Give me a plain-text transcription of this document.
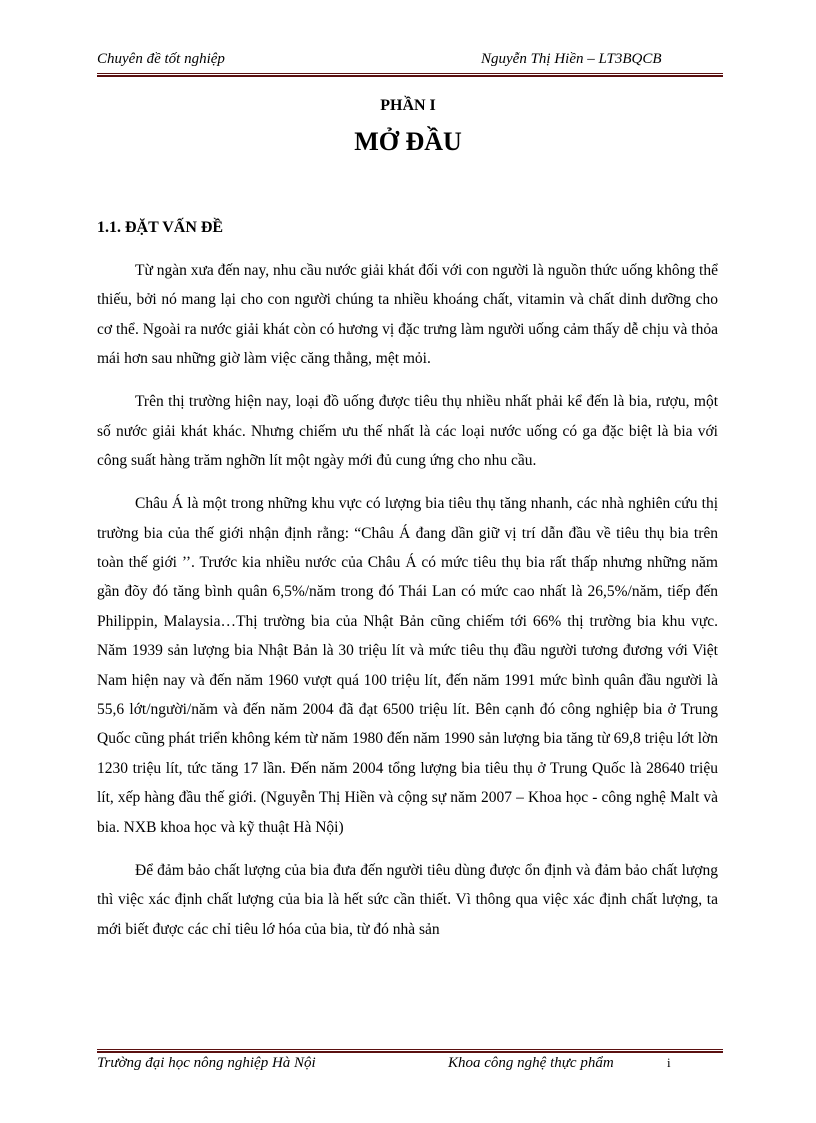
Chuyên đề tốt nghiệp	Nguyễn Thị Hiền – LT3BQCB
PHẦN I
MỞ ĐẦU
1.1. ĐẶT VẤN ĐỀ

Từ ngàn xưa đến nay, nhu cầu nước giải khát đối với con người là nguồn thức uống không thể thiếu, bởi nó mang lại cho con người chúng ta nhiều khoáng chất, vitamin và chất dinh dưỡng cho cơ thể. Ngoài ra nước giải khát còn có hương vị đặc trưng làm người uống cảm thấy dễ chịu và thỏa mái hơn sau những giờ làm việc căng thẳng, mệt mỏi.

Trên thị trường hiện nay, loại đồ uống được tiêu thụ nhiều nhất phải kể đến là bia, rượu, một số nước giải khát khác. Nhưng chiếm ưu thế nhất là các loại nước uống có ga đặc biệt là bia với công suất hàng trăm nghỡn lít một ngày mới đủ cung ứng cho nhu cầu.

Châu Á là một trong những khu vực có lượng bia tiêu thụ tăng nhanh, các nhà nghiên cứu thị trường bia của thế giới nhận định rằng: “Châu Á đang dần giữ vị trí dẫn đầu về tiêu thụ bia trên toàn thế giới ’’. Trước kia nhiều nước của Châu Á có mức tiêu thụ bia rất thấp nhưng những năm gần đõy đó tăng bình quân 6,5%/năm trong đó Thái Lan có mức cao nhất là 26,5%/năm, tiếp đến Philippin, Malaysia…Thị trường bia của Nhật Bản cũng chiếm tới 66% thị trường bia khu vực. Năm 1939 sản lượng bia Nhật Bản là 30 triệu lít và mức tiêu thụ đầu người tương đương với Việt Nam hiện nay và đến năm 1960 vượt quá 100 triệu lít, đến năm 1991 mức bình quân đầu người là 55,6 lớt/người/năm và đến năm 2004 đã đạt 6500 triệu lít. Bên cạnh đó công nghiệp bia ở Trung Quốc cũng phát triển không kém từ năm 1980 đến năm 1990 sản lượng bia tăng từ 69,8 triệu lớt lờn 1230 triệu lít, tức tăng 17 lần. Đến năm 2004 tổng lượng bia tiêu thụ ở Trung Quốc là 28640 triệu lít, xếp hàng đầu thế giới. (Nguyễn Thị Hiền và cộng sự năm 2007 – Khoa học - công nghệ Malt và bia. NXB khoa học và kỹ thuật Hà Nội)

Để đảm bảo chất lượng của bia đưa đến người tiêu dùng được ổn định và đảm bảo chất lượng thì việc xác định chất lượng của bia là hết sức cần thiết. Vì thông qua việc xác định chất lượng, ta mới biết được các chỉ tiêu lớ hóa của bia, từ đó nhà sản

Trường đại học nông nghiệp Hà Nội	Khoa công nghệ thực phẩm	i
